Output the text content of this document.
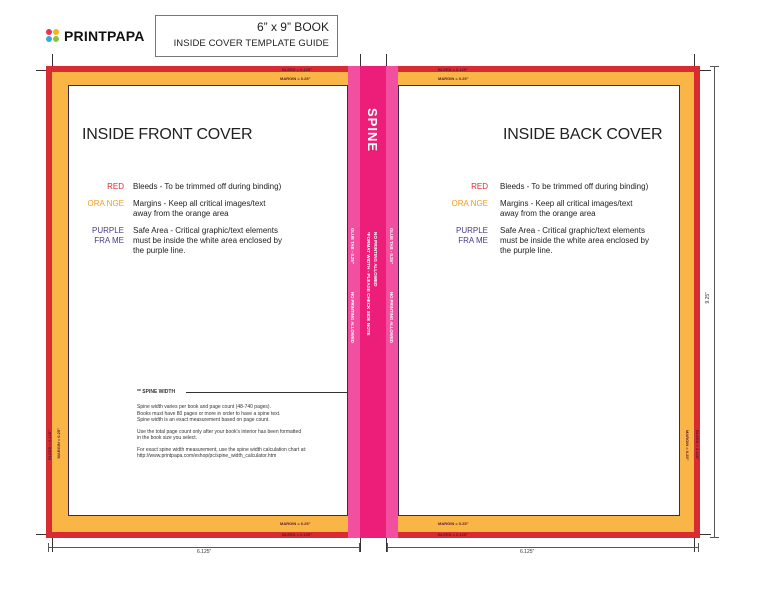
PRINTPAPA
6” x 9” BOOK
INSIDE COVER TEMPLATE GUIDE
BLEED = 0.125"
MARGIN = 0.25"
MARGIN = 0.25"
BLEED = 0.125"
BLEED = 0.125" MARGIN = 0.25"
INSIDE FRONT COVER
RED Bleeds - To be trimmed off during binding)
ORA NGE Margins - Keep all critical images/text
away from the orange area
PURPLE
FRA ME
Safe Area - Critical graphic/text elements
must be inside the white area enclosed by
the purple line.
** SPINE WIDTH
Spine width varies per book and page count (48-740 pages).
Books must have 80 pages or more in order to have a spine text.
Spine width is an exact measurement based on page count.
Use the total page count only after your book's interior has been formatted
in the book size you select.
For exact spine width measurement, use the spine width calculation chart at:
http://www.printpapa.com/eshop/pc/spine_width_calculator.htm
SPINE
NO PRINTING ALLOWED
*FORMAT WIDTH - PLEASE CHECK SIDE NOTE
GLUE TAB - 0.25"
NO PRINTING ALLOWED
GLUE TAB - 0.25"
NO PRINTING ALLOWED
BLEED = 0.125"
MARGIN = 0.25"
MARGIN = 0.25"
BLEED = 0.125"
MARGIN = 0.25" BLEED = 0.125"
INSIDE BACK COVER
RED Bleeds - To be trimmed off during binding)
ORA NGE Margins - Keep all critical images/text
away from the orange area
PURPLE
FRA ME
Safe Area - Critical graphic/text elements
must be inside the white area enclosed by
the purple line.
6.125"	6.125"
9.25"
